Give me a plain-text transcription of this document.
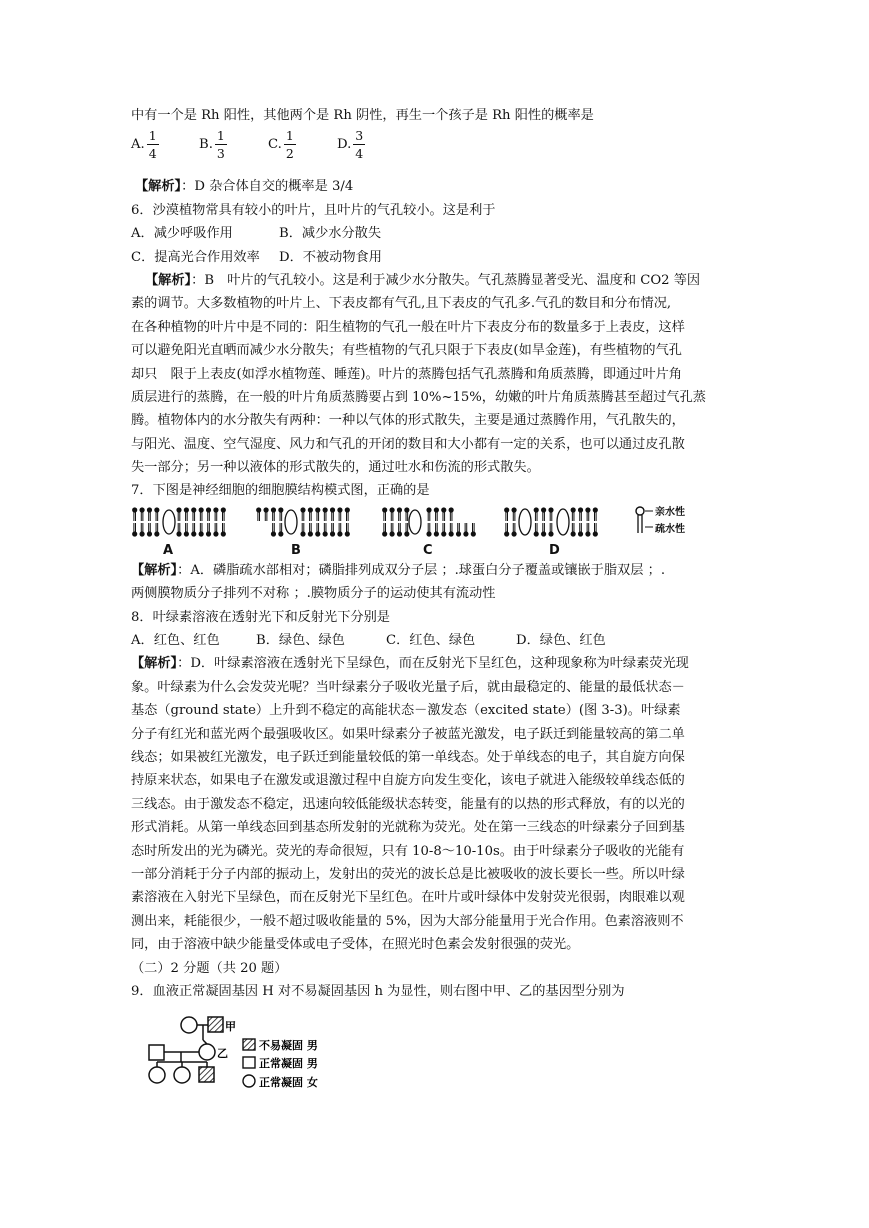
中有一个是 Rh 阳性，其他两个是 Rh 阴性，再生一个孩子是 Rh 阳性的概率是
A. $\frac{1}{4}$	B. $\frac{1}{3}$	C. $\frac{1}{2}$	D. $\frac{3}{4}$
【解析】：D 杂合体自交的概率是 3/4
6．沙漠植物常具有较小的叶片，且叶片的气孔较小。这是利于
A．减少呼吸作用	B．减少水分散失
C．提高光合作用效率 D．不被动物食用
【解析】：B　叶片的气孔较小。这是利于减少水分散失。气孔蒸腾显著受光、温度和 CO2 等因
素的调节。大多数植物的叶片上、下表皮都有气孔,且下表皮的气孔多.气孔的数目和分布情况,
在各种植物的叶片中是不同的：阳生植物的气孔一般在叶片下表皮分布的数量多于上表皮，这样
可以避免阳光直晒而减少水分散失；有些植物的气孔只限于下表皮(如旱金莲)，有些植物的气孔
却只　限于上表皮(如浮水植物莲、睡莲)。叶片的蒸腾包括气孔蒸腾和角质蒸腾，即通过叶片角
质层进行的蒸腾，在一般的叶片角质蒸腾要占到 10%~15%，幼嫩的叶片角质蒸腾甚至超过气孔蒸
腾。植物体内的水分散失有两种：一种以气体的形式散失，主要是通过蒸腾作用，气孔散失的，
与阳光、温度、空气湿度、风力和气孔的开闭的数目和大小都有一定的关系，也可以通过皮孔散
失一部分；另一种以液体的形式散失的，通过吐水和伤流的形式散失。
7．下图是神经细胞的细胞膜结构模式图，正确的是
A	B	C	D
亲水性
疏水性
【解析】：A．磷脂疏水部相对；磷脂排列成双分子层 ；.球蛋白分子覆盖或镶嵌于脂双层 ；.
两侧膜物质分子排列不对称 ；.膜物质分子的运动使其有流动性
8．叶绿素溶液在透射光下和反射光下分别是
A．红色、红色	B．绿色、绿色	C．红色、绿色	D．绿色、红色
【解析】：D．叶绿素溶液在透射光下呈绿色，而在反射光下呈红色，这种现象称为叶绿素荧光现
象。叶绿素为什么会发荧光呢？当叶绿素分子吸收光量子后，就由最稳定的、能量的最低状态－
基态（ground state）上升到不稳定的高能状态－激发态（excited state）(图 3-3)。叶绿素
分子有红光和蓝光两个最强吸收区。如果叶绿素分子被蓝光激发，电子跃迁到能量较高的第二单
线态；如果被红光激发，电子跃迁到能量较低的第一单线态。处于单线态的电子，其自旋方向保
持原来状态，如果电子在激发或退激过程中自旋方向发生变化，该电子就进入能级较单线态低的
三线态。由于激发态不稳定，迅速向较低能级状态转变，能量有的以热的形式释放，有的以光的
形式消耗。从第一单线态回到基态所发射的光就称为荧光。处在第一三线态的叶绿素分子回到基
态时所发出的光为磷光。荧光的寿命很短，只有 10-8～10-10s。由于叶绿素分子吸收的光能有
一部分消耗于分子内部的振动上，发射出的荧光的波长总是比被吸收的波长要长一些。所以叶绿
素溶液在入射光下呈绿色，而在反射光下呈红色。在叶片或叶绿体中发射荧光很弱，肉眼难以观
测出来，耗能很少，一般不超过吸收能量的 5%，因为大部分能量用于光合作用。色素溶液则不
同，由于溶液中缺少能量受体或电子受体，在照光时色素会发射很强的荧光。
（二）2 分题（共 20 题）
9．血液正常凝固基因 H 对不易凝固基因 h 为显性，则右图中甲、乙的基因型分别为
甲
乙
不易凝固 男
正常凝固 男
正常凝固 女
